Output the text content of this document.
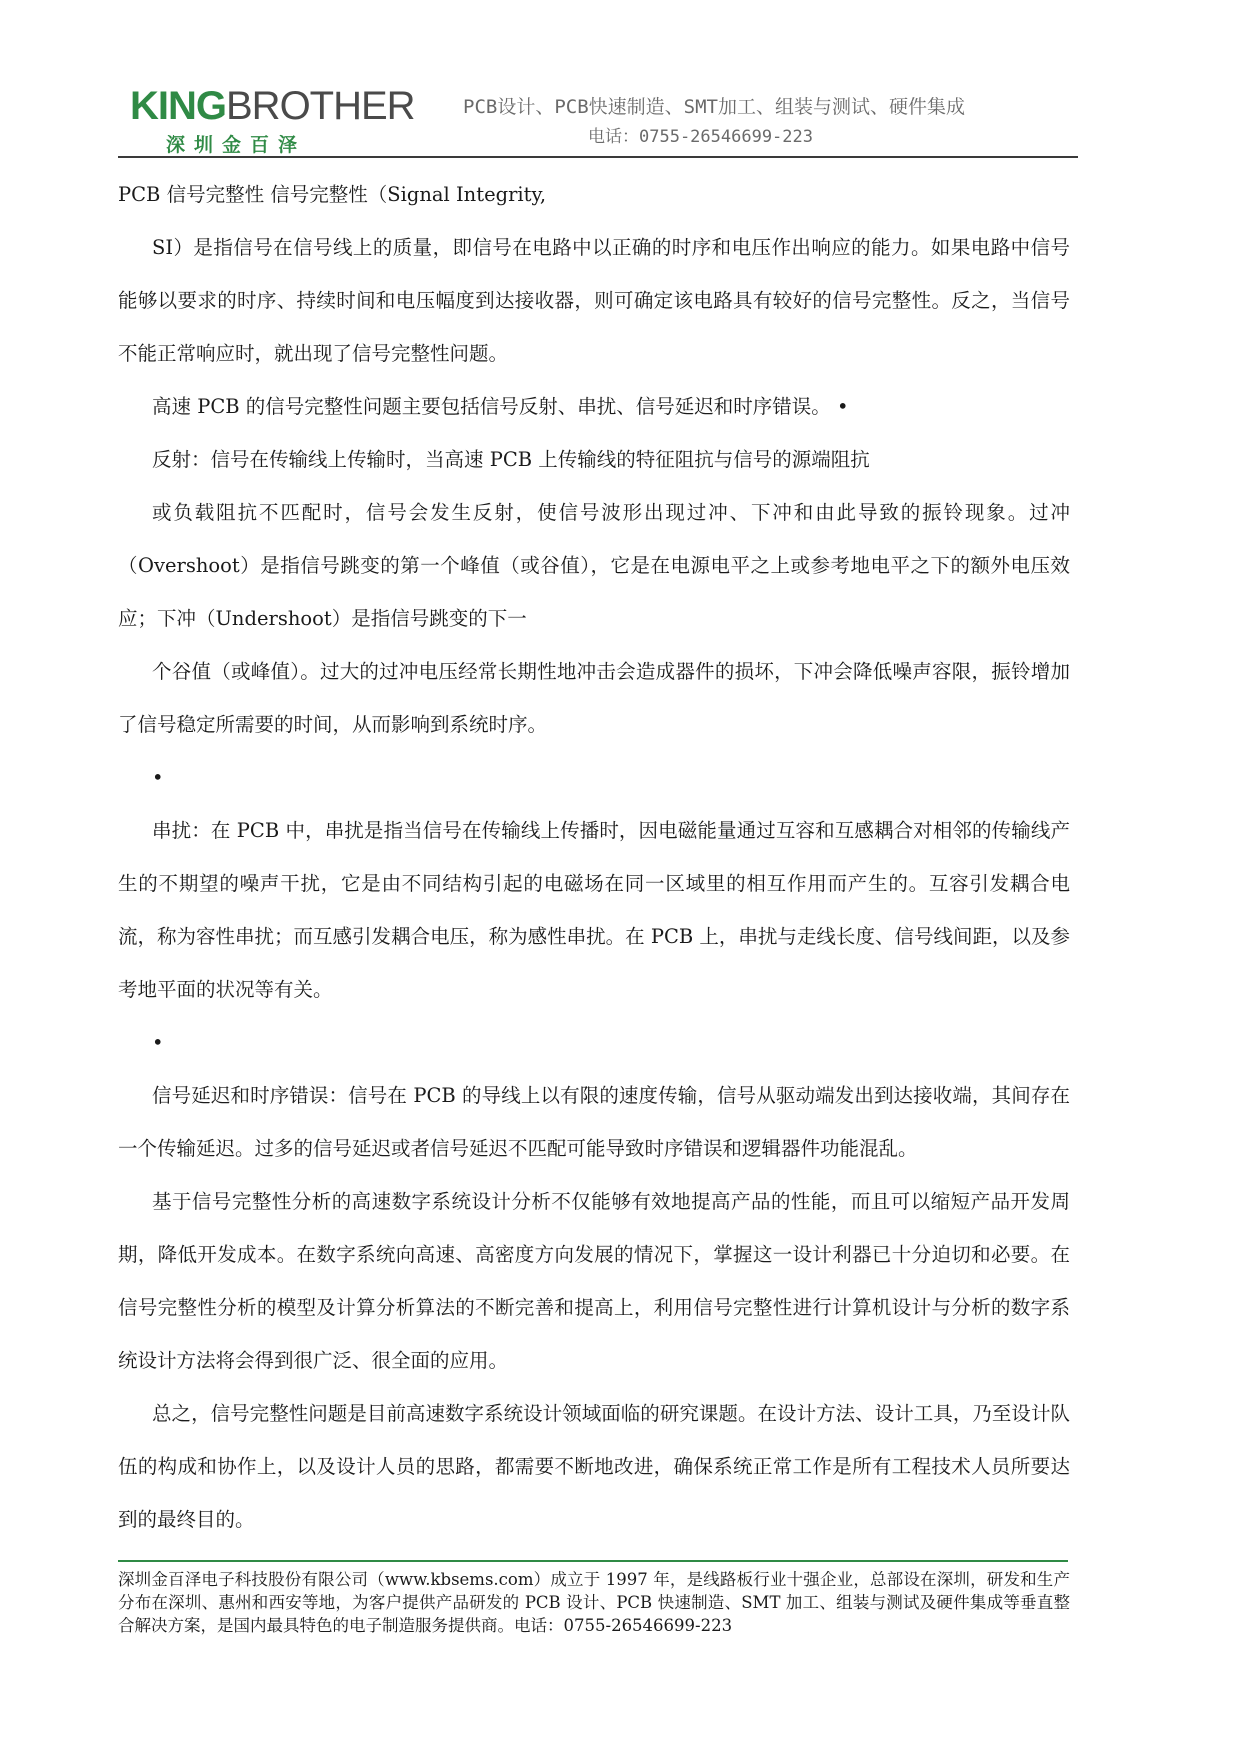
KINGBROTHER
深圳金百泽
PCB设计、PCB快速制造、SMT加工、组装与测试、硬件集成
电话：0755-26546699-223

PCB 信号完整性 信号完整性（Signal Integrity,

SI）是指信号在信号线上的质量，即信号在电路中以正确的时序和电压作出响应的能力。如果电路中信号能够以要求的时序、持续时间和电压幅度到达接收器，则可确定该电路具有较好的信号完整性。反之，当信号不能正常响应时，就出现了信号完整性问题。

高速 PCB 的信号完整性问题主要包括信号反射、串扰、信号延迟和时序错误。 •

反射：信号在传输线上传输时，当高速 PCB 上传输线的特征阻抗与信号的源端阻抗

或负载阻抗不匹配时，信号会发生反射，使信号波形出现过冲、下冲和由此导致的振铃现象。过冲（Overshoot）是指信号跳变的第一个峰值（或谷值），它是在电源电平之上或参考地电平之下的额外电压效应；下冲（Undershoot）是指信号跳变的下一

个谷值（或峰值）。过大的过冲电压经常长期性地冲击会造成器件的损坏，下冲会降低噪声容限，振铃增加了信号稳定所需要的时间，从而影响到系统时序。

•

串扰：在 PCB 中，串扰是指当信号在传输线上传播时，因电磁能量通过互容和互感耦合对相邻的传输线产生的不期望的噪声干扰，它是由不同结构引起的电磁场在同一区域里的相互作用而产生的。互容引发耦合电流，称为容性串扰；而互感引发耦合电压，称为感性串扰。在 PCB 上，串扰与走线长度、信号线间距，以及参考地平面的状况等有关。

•

信号延迟和时序错误：信号在 PCB 的导线上以有限的速度传输，信号从驱动端发出到达接收端，其间存在一个传输延迟。过多的信号延迟或者信号延迟不匹配可能导致时序错误和逻辑器件功能混乱。

基于信号完整性分析的高速数字系统设计分析不仅能够有效地提高产品的性能，而且可以缩短产品开发周期，降低开发成本。在数字系统向高速、高密度方向发展的情况下，掌握这一设计利器已十分迫切和必要。在信号完整性分析的模型及计算分析算法的不断完善和提高上，利用信号完整性进行计算机设计与分析的数字系统设计方法将会得到很广泛、很全面的应用。

总之，信号完整性问题是目前高速数字系统设计领域面临的研究课题。在设计方法、设计工具，乃至设计队伍的构成和协作上，以及设计人员的思路，都需要不断地改进，确保系统正常工作是所有工程技术人员所要达到的最终目的。

深圳金百泽电子科技股份有限公司（www.kbsems.com）成立于 1997 年，是线路板行业十强企业，总部设在深圳，研发和生产分布在深圳、惠州和西安等地，为客户提供产品研发的 PCB 设计、PCB 快速制造、SMT 加工、组装与测试及硬件集成等垂直整合解决方案，是国内最具特色的电子制造服务提供商。电话：0755-26546699-223
